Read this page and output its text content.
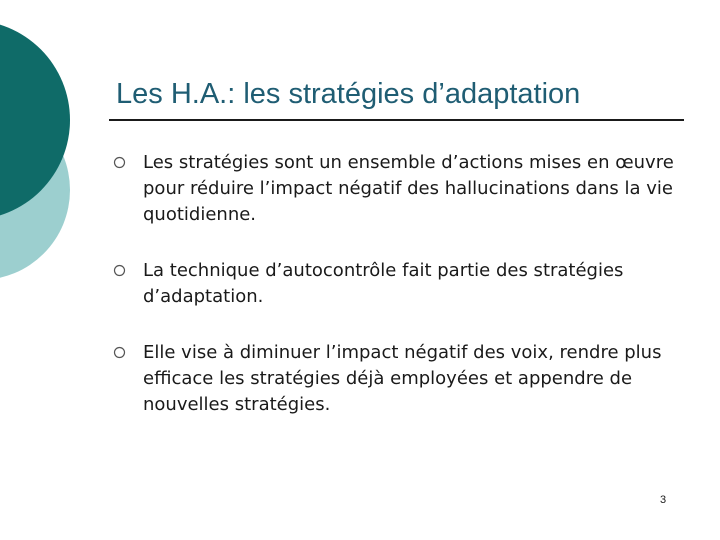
Les H.A.: les stratégies d’adaptation
Les stratégies sont un ensemble d’actions mises en œuvre pour réduire l’impact négatif des hallucinations dans la vie quotidienne.
La technique d’autocontrôle fait partie des stratégies d’adaptation.
Elle vise à diminuer l’impact négatif des voix, rendre plus efficace les stratégies déjà employées et appendre de nouvelles stratégies.
3
